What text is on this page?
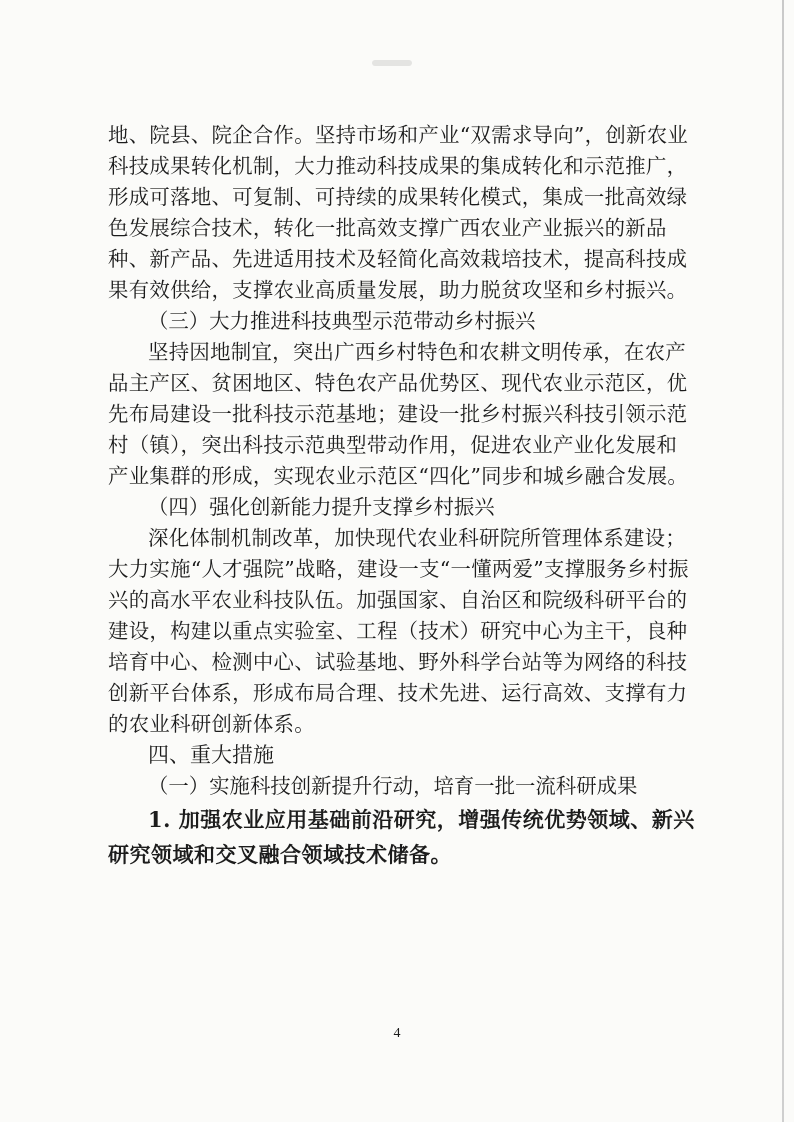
地、院县、院企合作。坚持市场和产业“双需求导向”，创新农业
科技成果转化机制，大力推动科技成果的集成转化和示范推广，
形成可落地、可复制、可持续的成果转化模式，集成一批高效绿
色发展综合技术，转化一批高效支撑广西农业产业振兴的新品
种、新产品、先进适用技术及轻简化高效栽培技术，提高科技成
果有效供给，支撑农业高质量发展，助力脱贫攻坚和乡村振兴。
（三）大力推进科技典型示范带动乡村振兴
坚持因地制宜，突出广西乡村特色和农耕文明传承，在农产
品主产区、贫困地区、特色农产品优势区、现代农业示范区，优
先布局建设一批科技示范基地；建设一批乡村振兴科技引领示范
村（镇），突出科技示范典型带动作用，促进农业产业化发展和
产业集群的形成，实现农业示范区“四化”同步和城乡融合发展。
（四）强化创新能力提升支撑乡村振兴
深化体制机制改革，加快现代农业科研院所管理体系建设；
大力实施“人才强院”战略，建设一支“一懂两爱”支撑服务乡村振
兴的高水平农业科技队伍。加强国家、自治区和院级科研平台的
建设，构建以重点实验室、工程（技术）研究中心为主干，良种
培育中心、检测中心、试验基地、野外科学台站等为网络的科技
创新平台体系，形成布局合理、技术先进、运行高效、支撑有力
的农业科研创新体系。
四、重大措施
（一）实施科技创新提升行动，培育一批一流科研成果
1. 加强农业应用基础前沿研究，增强传统优势领域、新兴
研究领域和交叉融合领域技术储备。
4
